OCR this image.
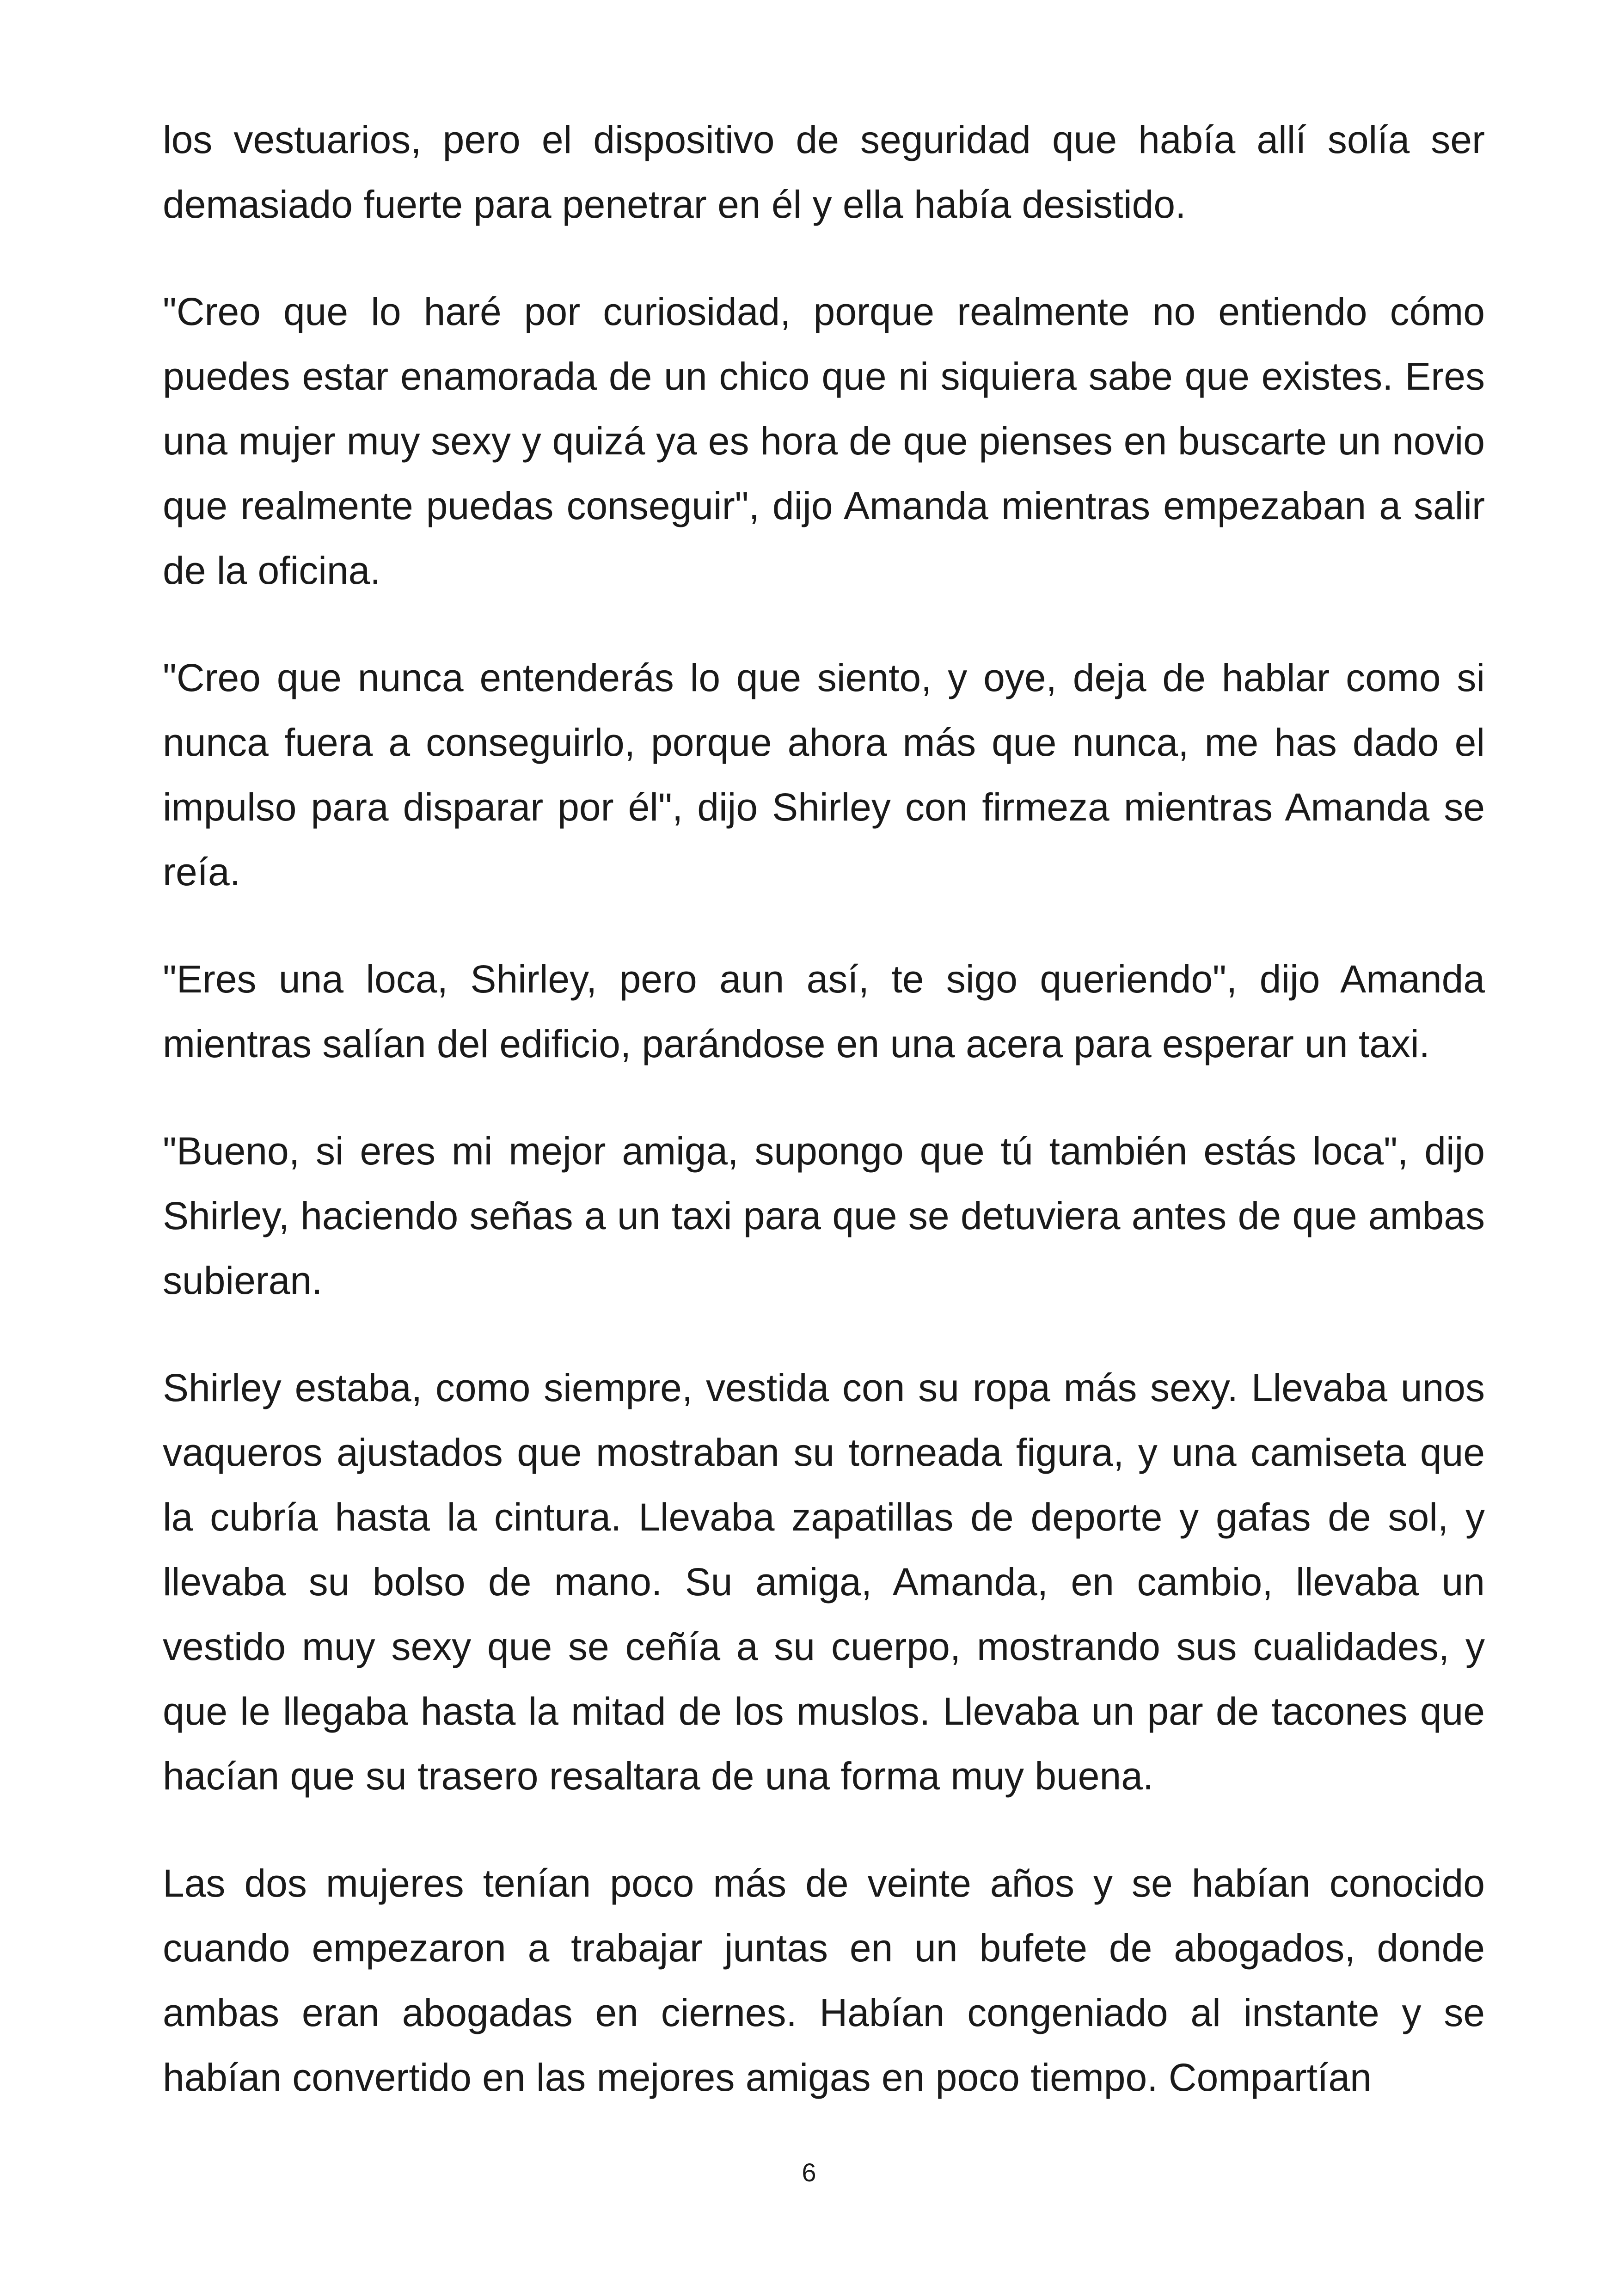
los vestuarios, pero el dispositivo de seguridad que había allí solía ser demasiado fuerte para penetrar en él y ella había desistido.

"Creo que lo haré por curiosidad, porque realmente no entiendo cómo puedes estar enamorada de un chico que ni siquiera sabe que existes. Eres una mujer muy sexy y quizá ya es hora de que pienses en buscarte un novio que realmente puedas conseguir", dijo Amanda mientras empezaban a salir de la oficina.

"Creo que nunca entenderás lo que siento, y oye, deja de hablar como si nunca fuera a conseguirlo, porque ahora más que nunca, me has dado el impulso para disparar por él", dijo Shirley con firmeza mientras Amanda se reía.

"Eres una loca, Shirley, pero aun así, te sigo queriendo", dijo Amanda mientras salían del edificio, parándose en una acera para esperar un taxi.

"Bueno, si eres mi mejor amiga, supongo que tú también estás loca", dijo Shirley, haciendo señas a un taxi para que se detuviera antes de que ambas subieran.

Shirley estaba, como siempre, vestida con su ropa más sexy. Llevaba unos vaqueros ajustados que mostraban su torneada figura, y una camiseta que la cubría hasta la cintura. Llevaba zapatillas de deporte y gafas de sol, y llevaba su bolso de mano. Su amiga, Amanda, en cambio, llevaba un vestido muy sexy que se ceñía a su cuerpo, mostrando sus cualidades, y que le llegaba hasta la mitad de los muslos. Llevaba un par de tacones que hacían que su trasero resaltara de una forma muy buena.

Las dos mujeres tenían poco más de veinte años y se habían conocido cuando empezaron a trabajar juntas en un bufete de abogados, donde ambas eran abogadas en ciernes. Habían congeniado al instante y se habían convertido en las mejores amigas en poco tiempo. Compartían

6
